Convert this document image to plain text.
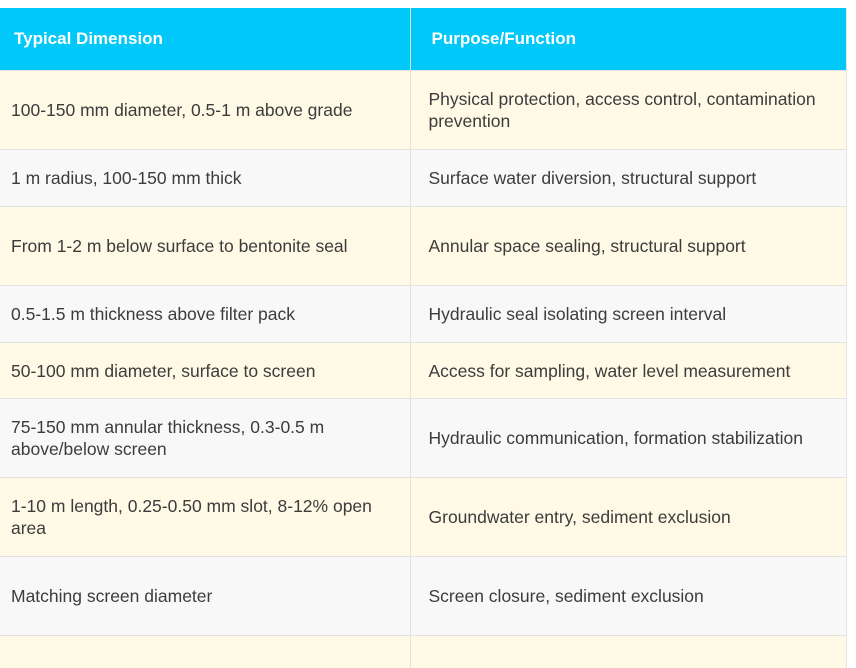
Typical Dimension	Purpose/Function
100-150 mm diameter, 0.5-1 m above grade	Physical protection, access control, contamination prevention
1 m radius, 100-150 mm thick	Surface water diversion, structural support
From 1-2 m below surface to bentonite seal	Annular space sealing, structural support
0.5-1.5 m thickness above filter pack	Hydraulic seal isolating screen interval
50-100 mm diameter, surface to screen	Access for sampling, water level measurement
75-150 mm annular thickness, 0.3-0.5 m above/below screen	Hydraulic communication, formation stabilization
1-10 m length, 0.25-0.50 mm slot, 8-12% open area	Groundwater entry, sediment exclusion
Matching screen diameter	Screen closure, sediment exclusion
